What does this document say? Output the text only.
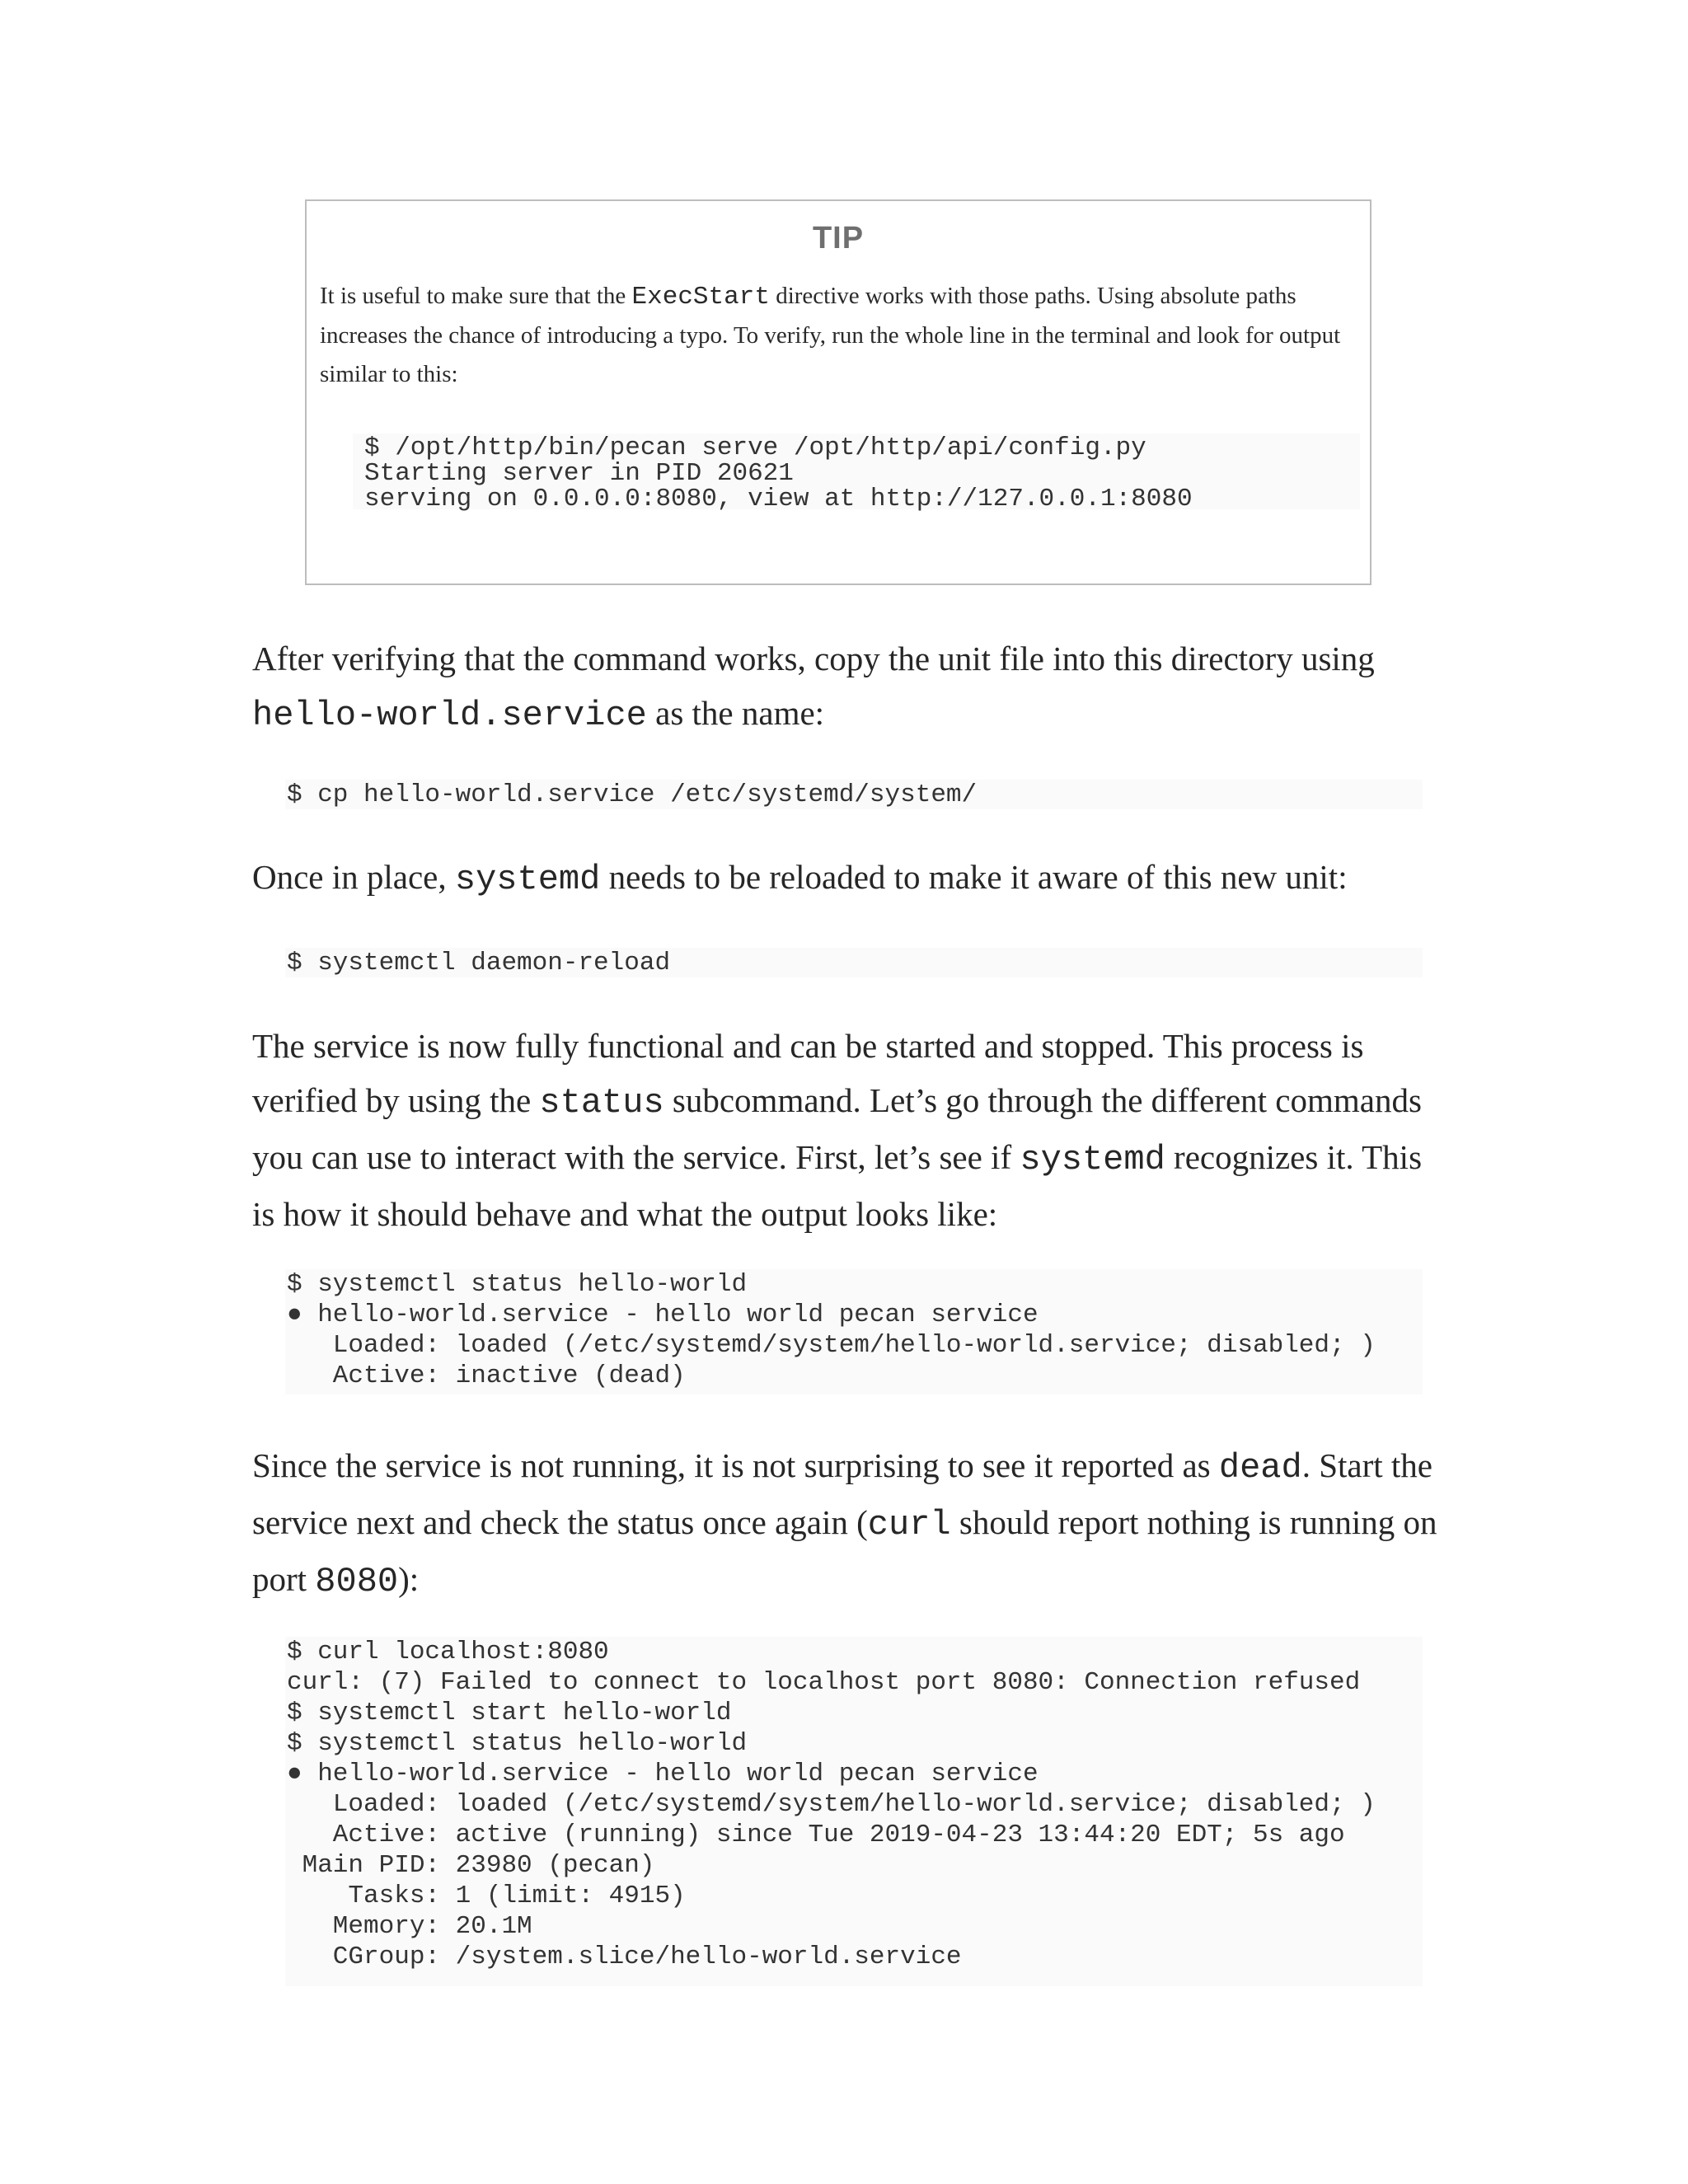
TIP
It is useful to make sure that the ExecStart directive works with those paths. Using absolute paths increases the chance of introducing a typo. To verify, run the whole line in the terminal and look for output similar to this:
$ /opt/http/bin/pecan serve /opt/http/api/config.py
Starting server in PID 20621
serving on 0.0.0.0:8080, view at http://127.0.0.1:8080
After verifying that the command works, copy the unit file into this directory using hello-world.service as the name:
$ cp hello-world.service /etc/systemd/system/
Once in place, systemd needs to be reloaded to make it aware of this new unit:
$ systemctl daemon-reload
The service is now fully functional and can be started and stopped. This process is verified by using the status subcommand. Let’s go through the different commands you can use to interact with the service. First, let’s see if systemd recognizes it. This is how it should behave and what the output looks like:
$ systemctl status hello-world
● hello-world.service - hello world pecan service
Loaded: loaded (/etc/systemd/system/hello-world.service; disabled; )
Active: inactive (dead)
Since the service is not running, it is not surprising to see it reported as dead. Start the service next and check the status once again (curl should report nothing is running on port 8080):
$ curl localhost:8080
curl: (7) Failed to connect to localhost port 8080: Connection refused
$ systemctl start hello-world
$ systemctl status hello-world
● hello-world.service - hello world pecan service
Loaded: loaded (/etc/systemd/system/hello-world.service; disabled; )
Active: active (running) since Tue 2019-04-23 13:44:20 EDT; 5s ago
Main PID: 23980 (pecan)
Tasks: 1 (limit: 4915)
Memory: 20.1M
CGroup: /system.slice/hello-world.service
